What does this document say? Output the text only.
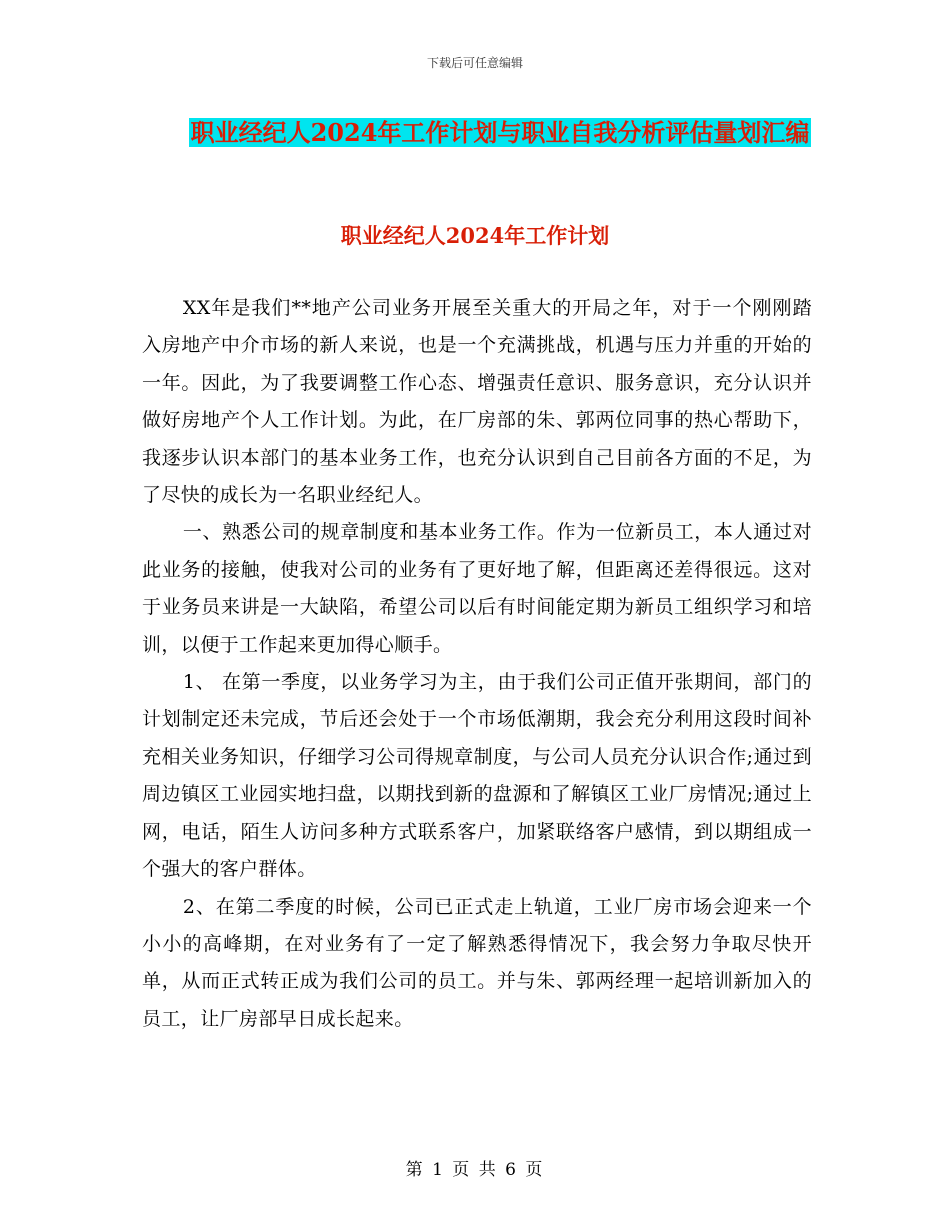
下载后可任意编辑
职业经纪人2024年工作计划与职业自我分析评估量划汇编
职业经纪人2024年工作计划

XX年是我们**地产公司业务开展至关重大的开局之年，对于一个刚刚踏入房地产中介市场的新人来说，也是一个充满挑战，机遇与压力并重的开始的一年。因此，为了我要调整工作心态、增强责任意识、服务意识，充分认识并做好房地产个人工作计划。为此，在厂房部的朱、郭两位同事的热心帮助下，我逐步认识本部门的基本业务工作，也充分认识到自己目前各方面的不足，为了尽快的成长为一名职业经纪人。

一、熟悉公司的规章制度和基本业务工作。作为一位新员工，本人通过对此业务的接触，使我对公司的业务有了更好地了解，但距离还差得很远。这对于业务员来讲是一大缺陷，希望公司以后有时间能定期为新员工组织学习和培训，以便于工作起来更加得心顺手。

1、 在第一季度，以业务学习为主，由于我们公司正值开张期间，部门的计划制定还未完成，节后还会处于一个市场低潮期，我会充分利用这段时间补充相关业务知识，仔细学习公司得规章制度，与公司人员充分认识合作;通过到周边镇区工业园实地扫盘，以期找到新的盘源和了解镇区工业厂房情况;通过上网，电话，陌生人访问多种方式联系客户，加紧联络客户感情，到以期组成一个强大的客户群体。

2、在第二季度的时候，公司已正式走上轨道，工业厂房市场会迎来一个小小的高峰期，在对业务有了一定了解熟悉得情况下，我会努力争取尽快开单，从而正式转正成为我们公司的员工。并与朱、郭两经理一起培训新加入的员工，让厂房部早日成长起来。

第 1 页 共 6 页
